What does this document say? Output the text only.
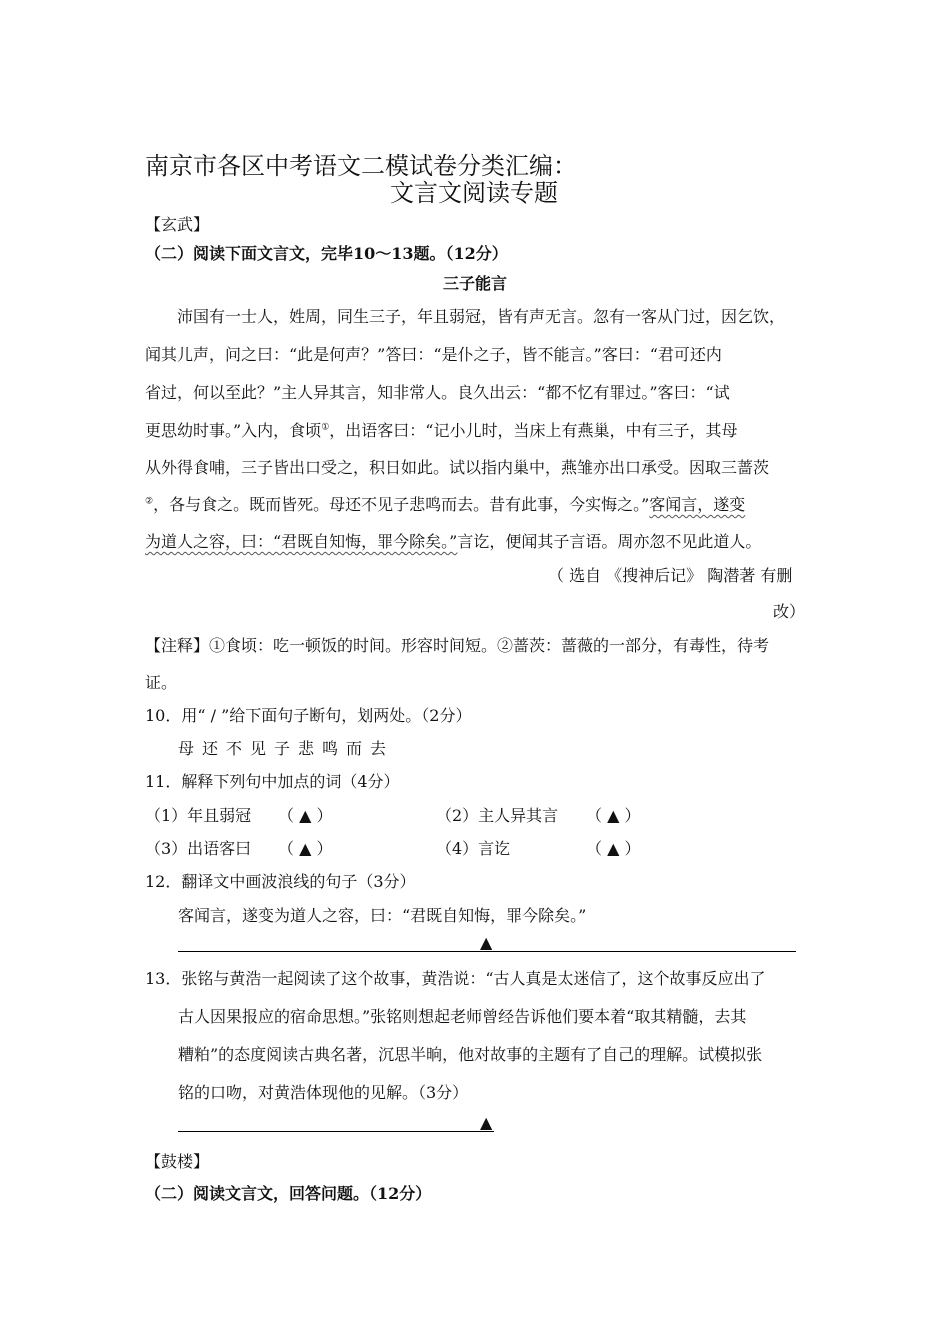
南京市各区中考语文二模试卷分类汇编：
文言文阅读专题
【玄武】
（二）阅读下面文言文，完毕10～13题。（12分）
三子能言
沛国有一士人，姓周，同生三子，年且弱冠，皆有声无言。忽有一客从门过，因乞饮，
闻其儿声，问之曰：“此是何声？”答曰：“是仆之子，皆不能言。”客曰：“君可还内
省过，何以至此？”主人异其言，知非常人。良久出云：“都不忆有罪过。”客曰：“试
更思幼时事。”入内，食顷①，出语客曰：“记小儿时，当床上有燕巢，中有三子，其母
从外得食哺，三子皆出口受之，积日如此。试以指内巢中，燕雏亦出口承受。因取三蔷茨
②，各与食之。既而皆死。母还不见子悲鸣而去。昔有此事，今实悔之。”客闻言，遂变
为道人之容，曰：“君既自知悔，罪今除矣。”言讫，便闻其子言语。周亦忽不见此道人。
（ 选自 《搜神后记》 陶潜著 有删
改）
【注释】①食顷：吃一顿饭的时间。形容时间短。②蔷茨：蔷薇的一部分，有毒性，待考
证。
10．用“ / ”给下面句子断句，划两处。（2分）
母还不见子悲鸣而去
11．解释下列句中加点的词（4分）
（1）年且弱冠 （ ▲ ）	（2）主人异其言 （ ▲ ）
（3）出语客曰 （ ▲ ）	（4）言讫	（ ▲ ）
12．翻译文中画波浪线的句子（3分）
客闻言，遂变为道人之容，曰：“君既自知悔，罪今除矣。”
▲
13．张铭与黄浩一起阅读了这个故事，黄浩说：“古人真是太迷信了，这个故事反应出了
古人因果报应的宿命思想。”张铭则想起老师曾经告诉他们要本着“取其精髓，去其
糟粕”的态度阅读古典名著，沉思半晌，他对故事的主题有了自己的理解。试模拟张
铭的口吻，对黄浩体现他的见解。（3分）
▲
【鼓楼】
（二）阅读文言文，回答问题。（12分）
